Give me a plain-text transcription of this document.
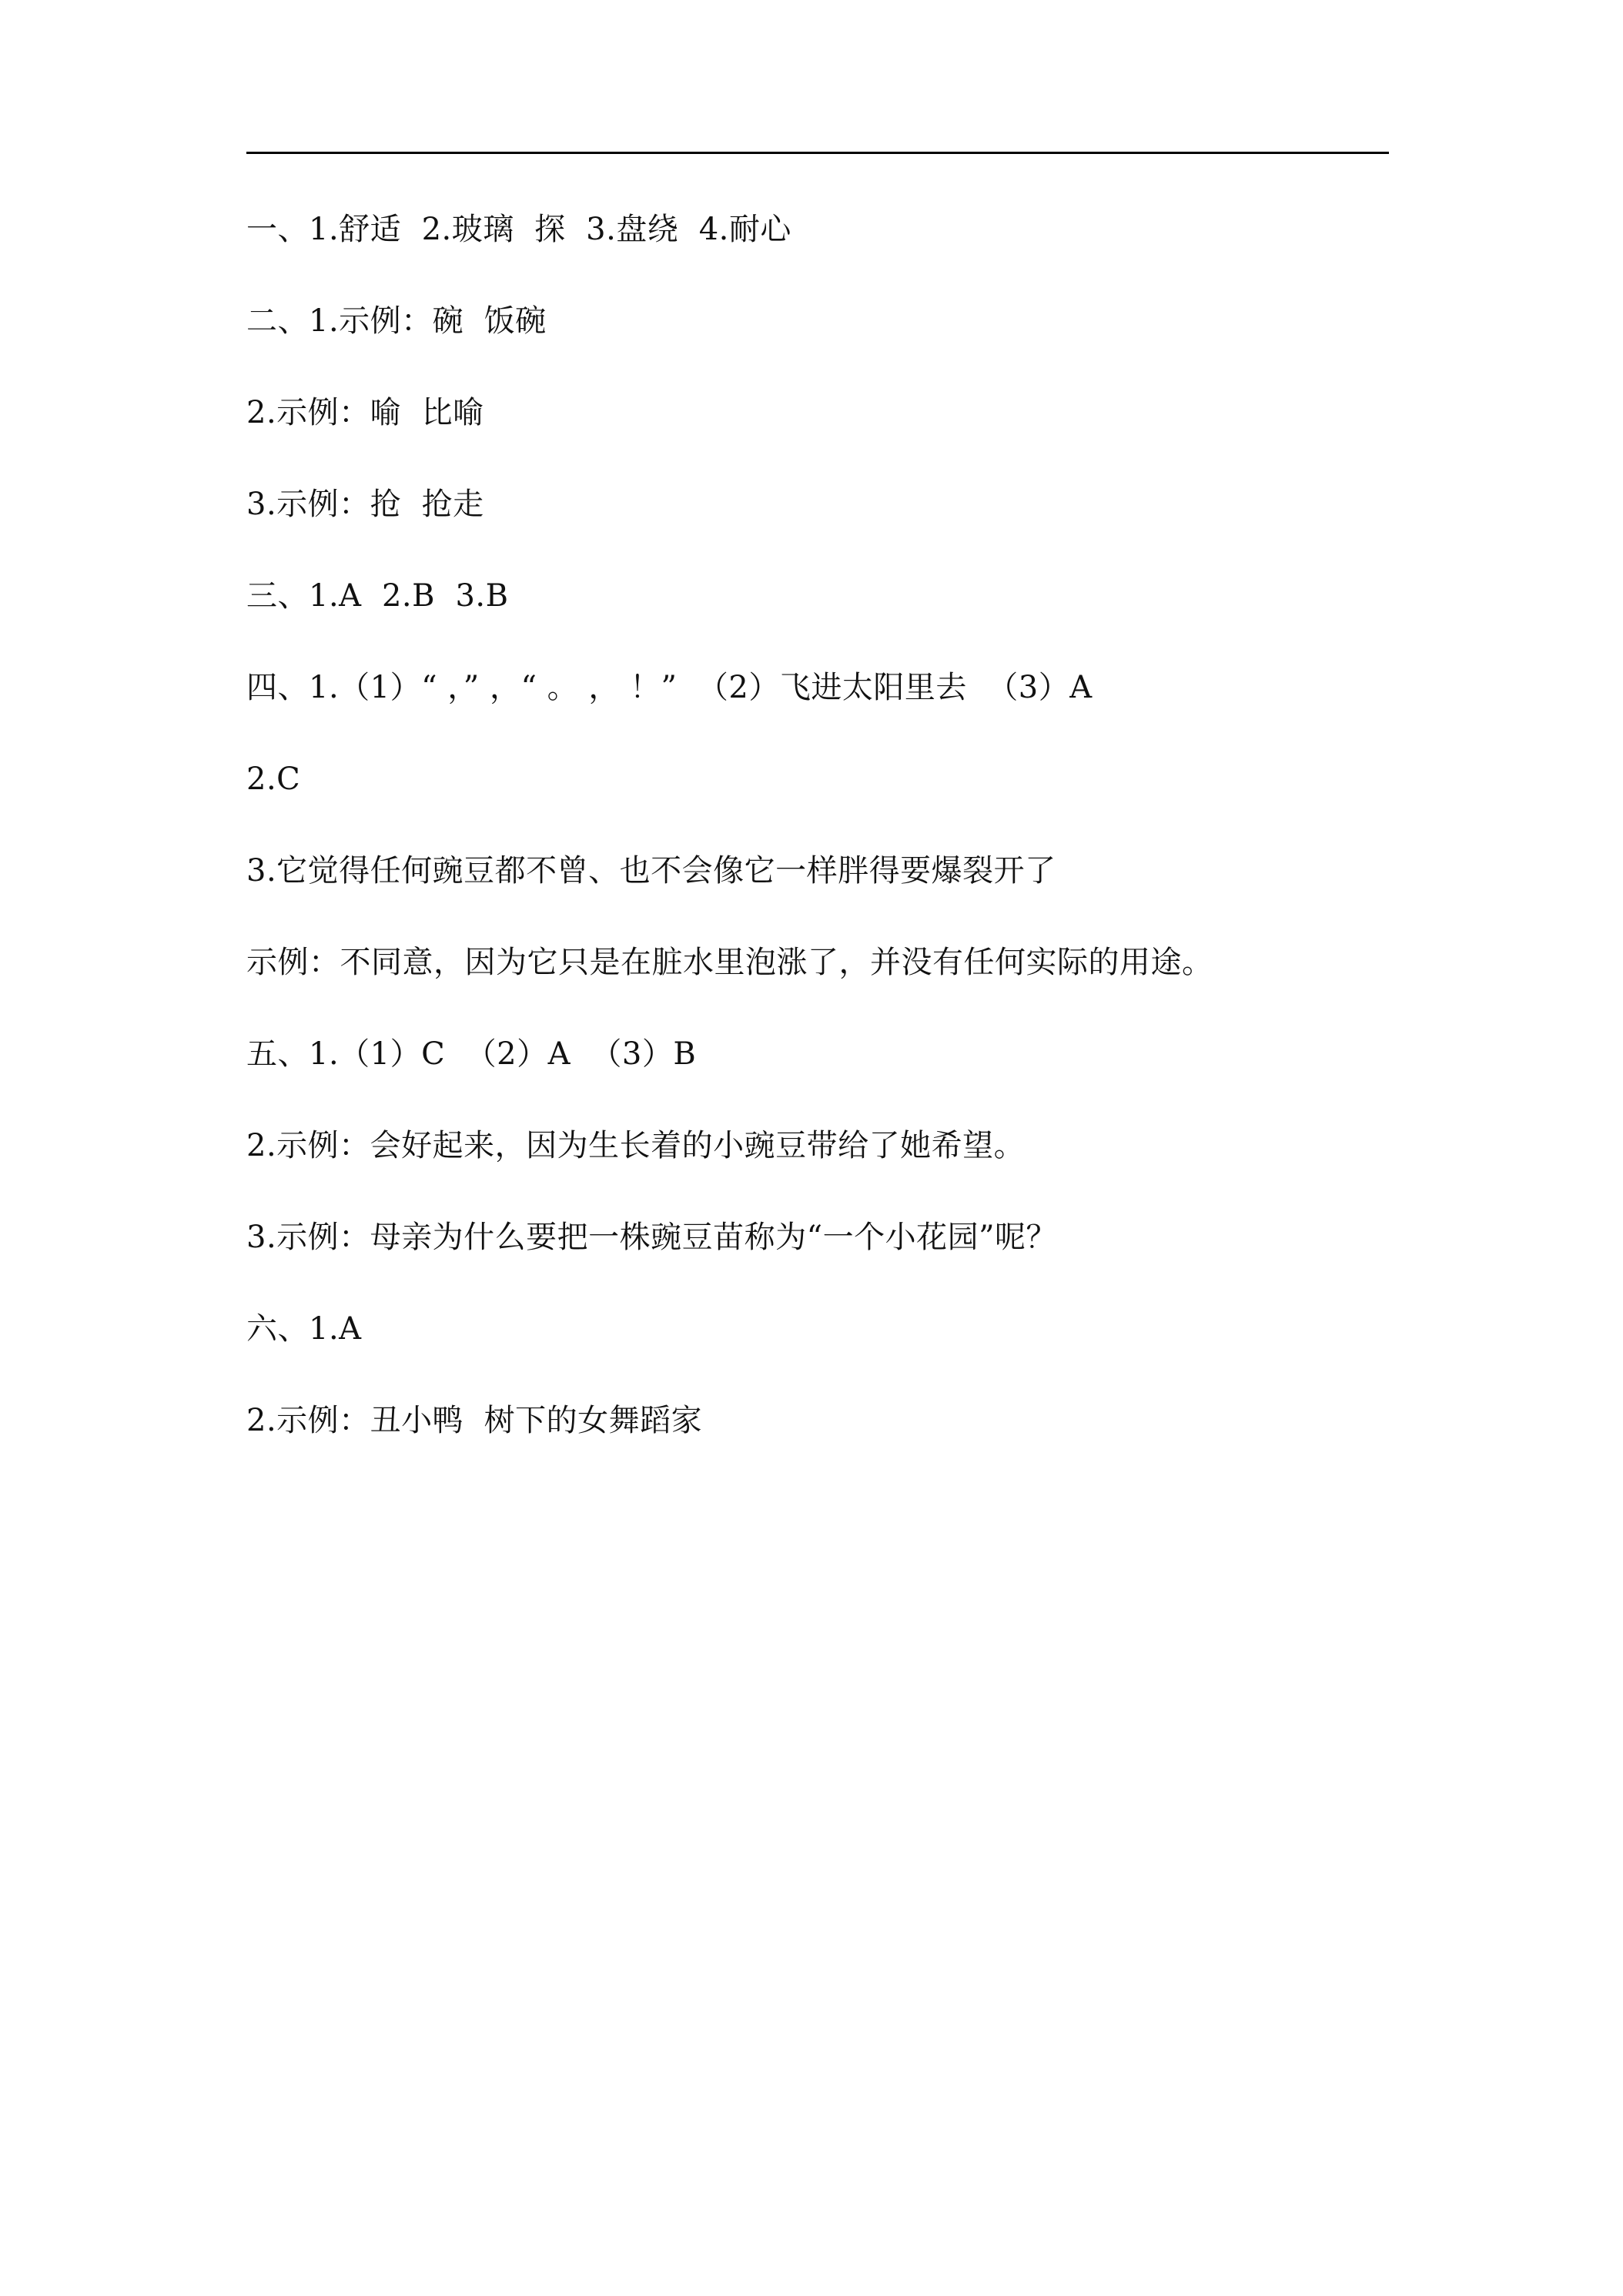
一、1.舒适  2.玻璃  探  3.盘绕  4.耐心
二、1.示例：碗  饭碗
2.示例：喻  比喻
3.示例：抢  抢走
三、1.A  2.B  3.B
四、1.（1）“ ，” ，“ 。 ， ！”  （2）飞进太阳里去  （3）A
2.C
3.它觉得任何豌豆都不曾、也不会像它一样胖得要爆裂开了
示例：不同意，因为它只是在脏水里泡涨了，并没有任何实际的用途。
五、1.（1）C  （2）A  （3）B
2.示例：会好起来，因为生长着的小豌豆带给了她希望。
3.示例：母亲为什么要把一株豌豆苗称为“一个小花园”呢？
六、1.A
2.示例：丑小鸭  树下的女舞蹈家
